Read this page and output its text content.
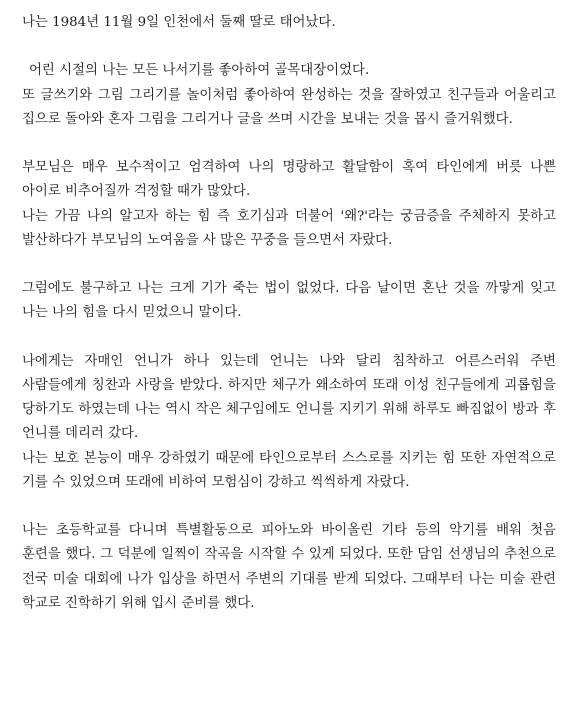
나는 1984년 11월 9일 인천에서 둘째 딸로 태어났다.

어린 시절의 나는 모든 나서기를 좋아하여 골목대장이었다.

또 글쓰기와 그림 그리기를 놀이처럼 좋아하여 완성하는 것을 잘하였고 친구들과 어울리고 집으로 돌아와 혼자 그림을 그리거나 글을 쓰며 시간을 보내는 것을 몹시 즐거워했다.

부모님은 매우 보수적이고 엄격하여 나의 명랑하고 활달함이 혹여 타인에게 버릇 나쁜 아이로 비추어질까 걱정할 때가 많았다.

나는 가끔 나의 알고자 하는 힘 즉 호기심과 더불어 '왜?'라는 궁금증을 주체하지 못하고 발산하다가 부모님의 노여움을 사 많은 꾸중을 들으면서 자랐다.

그럼에도 불구하고 나는 크게 기가 죽는 법이 없었다. 다음 날이면 혼난 것을 까맣게 잊고 나는 나의 힘을 다시 믿었으니 말이다.

나에게는 자매인 언니가 하나 있는데 언니는 나와 달리 침착하고 어른스러워 주변 사람들에게 칭찬과 사랑을 받았다. 하지만 체구가 왜소하여 또래 이성 친구들에게 괴롭힘을 당하기도 하였는데 나는 역시 작은 체구임에도 언니를 지키기 위해 하루도 빠짐없이 방과 후 언니를 데리러 갔다.

나는 보호 본능이 매우 강하였기 때문에 타인으로부터 스스로를 지키는 힘 또한 자연적으로 기를 수 있었으며 또래에 비하여 모험심이 강하고 씩씩하게 자랐다.

나는 초등학교를 다니며 특별활동으로 피아노와 바이올린 기타 등의 악기를 배워 첫음 훈련을 했다. 그 덕분에 일찍이 작곡을 시작할 수 있게 되었다. 또한 담임 선생님의 추천으로 전국 미술 대회에 나가 입상을 하면서 주변의 기대를 받게 되었다. 그때부터 나는 미술 관련 학교로 진학하기 위해 입시 준비를 했다.
